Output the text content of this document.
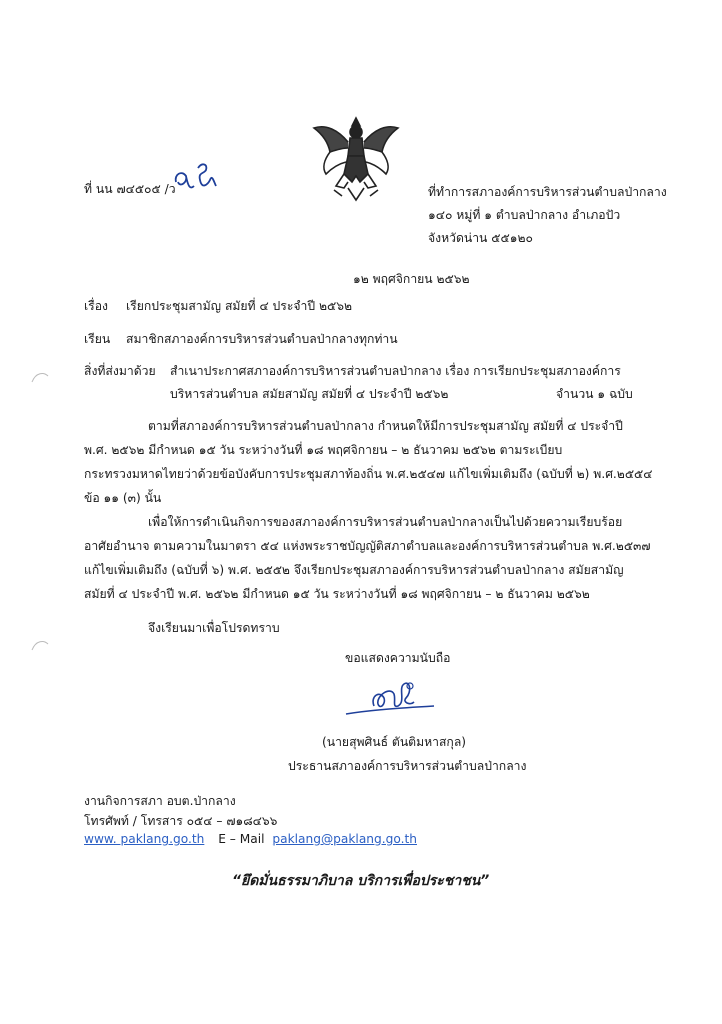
ที่ นน ๗๔๕๐๕ /ว	ที่ทำการสภาองค์การบริหารส่วนตำบลป่ากลาง
๑๔๐ หมู่ที่ ๑ ตำบลป่ากลาง อำเภอปัว
จังหวัดน่าน ๕๕๑๒๐
๑๒ พฤศจิกายน ๒๕๖๒
เรื่อง เรียกประชุมสามัญ สมัยที่ ๔ ประจำปี ๒๕๖๒
เรียน สมาชิกสภาองค์การบริหารส่วนตำบลป่ากลางทุกท่าน
สิ่งที่ส่งมาด้วย สำเนาประกาศสภาองค์การบริหารส่วนตำบลป่ากลาง เรื่อง การเรียกประชุมสภาองค์การ
บริหารส่วนตำบล สมัยสามัญ สมัยที่ ๔ ประจำปี ๒๕๖๒	จำนวน ๑ ฉบับ
ตามที่สภาองค์การบริหารส่วนตำบลป่ากลาง กำหนดให้มีการประชุมสามัญ สมัยที่ ๔ ประจำปี
พ.ศ. ๒๕๖๒ มีกำหนด ๑๕ วัน ระหว่างวันที่ ๑๘ พฤศจิกายน – ๒ ธันวาคม ๒๕๖๒ ตามระเบียบ
กระทรวงมหาดไทยว่าด้วยข้อบังคับการประชุมสภาท้องถิ่น พ.ศ.๒๕๔๗ แก้ไขเพิ่มเติมถึง (ฉบับที่ ๒) พ.ศ.๒๕๕๔
ข้อ ๑๑ (๓) นั้น
เพื่อให้การดำเนินกิจการของสภาองค์การบริหารส่วนตำบลป่ากลางเป็นไปด้วยความเรียบร้อย
อาศัยอำนาจ ตามความในมาตรา ๕๔ แห่งพระราชบัญญัติสภาตำบลและองค์การบริหารส่วนตำบล พ.ศ.๒๕๓๗
แก้ไขเพิ่มเติมถึง (ฉบับที่ ๖) พ.ศ. ๒๕๕๒ จึงเรียกประชุมสภาองค์การบริหารส่วนตำบลป่ากลาง สมัยสามัญ
สมัยที่ ๔ ประจำปี พ.ศ. ๒๕๖๒ มีกำหนด ๑๕ วัน ระหว่างวันที่ ๑๘ พฤศจิกายน – ๒ ธันวาคม ๒๕๖๒
จึงเรียนมาเพื่อโปรดทราบ
ขอแสดงความนับถือ
(นายสุพศินธ์ ตันติมหาสกุล)
ประธานสภาองค์การบริหารส่วนตำบลป่ากลาง
งานกิจการสภา อบต.ป่ากลาง
โทรศัพท์ / โทรสาร ๐๕๔ – ๗๑๘๔๖๖
www. paklang.go.th E – Mail paklang@paklang.go.th
“ยึดมั่นธรรมาภิบาล บริการเพื่อประชาชน”
